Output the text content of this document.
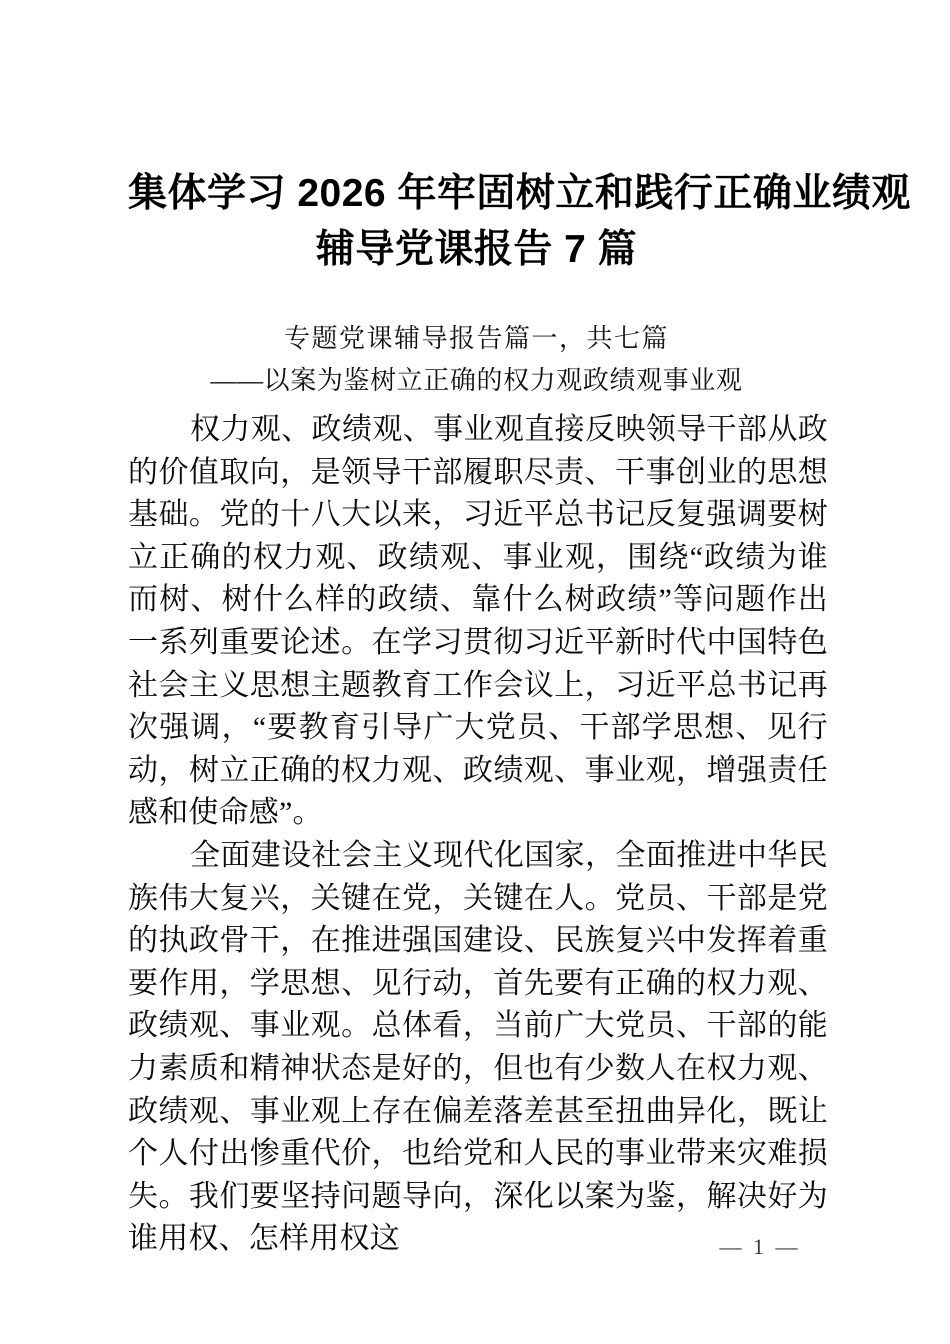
集体学习 2026 年牢固树立和践行正确业绩观
辅导党课报告 7 篇
专题党课辅导报告篇一，共七篇
——以案为鉴树立正确的权力观政绩观事业观

权力观、政绩观、事业观直接反映领导干部从政的价值取向，是领导干部履职尽责、干事创业的思想基础。党的十八大以来，习近平总书记反复强调要树立正确的权力观、政绩观、事业观，围绕“政绩为谁而树、树什么样的政绩、靠什么树政绩”等问题作出一系列重要论述。在学习贯彻习近平新时代中国特色社会主义思想主题教育工作会议上，习近平总书记再次强调，“要教育引导广大党员、干部学思想、见行动，树立正确的权力观、政绩观、事业观，增强责任感和使命感”。

全面建设社会主义现代化国家，全面推进中华民族伟大复兴，关键在党，关键在人。党员、干部是党的执政骨干，在推进强国建设、民族复兴中发挥着重要作用，学思想、见行动，首先要有正确的权力观、政绩观、事业观。总体看，当前广大党员、干部的能力素质和精神状态是好的，但也有少数人在权力观、政绩观、事业观上存在偏差落差甚至扭曲异化，既让个人付出惨重代价，也给党和人民的事业带来灾难损失。我们要坚持问题导向，深化以案为鉴，解决好为谁用权、怎样用权这	— 1 —
